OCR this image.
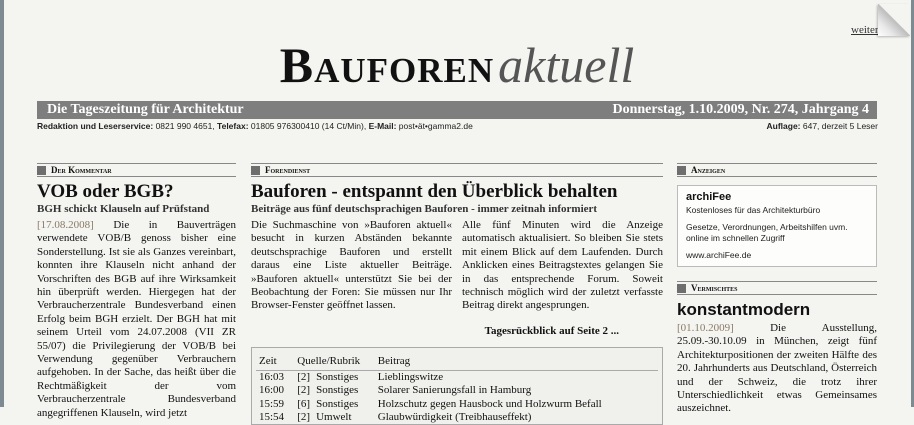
weiter
Bauforen aktuell
Die Tageszeitung für Architektur	Donnerstag, 1.10.2009, Nr. 274, Jahrgang 4
Redaktion und Leserservice: 0821 990 4651, Telefax: 01805 976300410 (14 Ct/Min), E-Mail: post•ät•gamma2.de	Auflage: 647, derzeit 5 Leser
Der Kommentar
VOB oder BGB?
BGH schickt Klauseln auf Prüfstand

[17.08.2008] Die in Bauverträgen verwendete VOB/B genoss bisher eine Sonderstellung. Ist sie als Ganzes vereinbart, konnten ihre Klauseln nicht anhand der Vorschriften des BGB auf ihre Wirksamkeit hin überprüft werden. Hiergegen hat der Verbraucherzentrale Bundesverband einen Erfolg beim BGH erzielt. Der BGH hat mit seinem Urteil vom 24.07.2008 (VII ZR 55/07) die Privilegierung der VOB/B bei Verwendung gegenüber Verbrauchern aufgehoben. In der Sache, das heißt über die Rechtmäßigkeit der vom Verbraucherzentrale Bundesverband angegriffenen Klauseln, wird jetzt

Forendienst
Bauforen - entspannt den Überblick behalten
Beiträge aus fünf deutschsprachigen Bauforen - immer zeitnah informiert

Die Suchmaschine von »Bauforen aktuell« besucht in kurzen Abständen bekannte deutschsprachige Bauforen und erstellt daraus eine Liste aktueller Beiträge. »Bauforen aktuell« unterstützt Sie bei der Beobachtung der Foren: Sie müssen nur Ihr Browser-Fenster geöffnet lassen.

Alle fünf Minuten wird die Anzeige automatisch aktualisiert. So bleiben Sie stets mit einem Blick auf dem Laufenden. Durch Anklicken eines Beitragstextes gelangen Sie in das entsprechende Forum. Soweit technisch möglich wird der zuletzt verfasste Beitrag direkt angesprungen.

Tagesrückblick auf Seite 2 ...
Zeit	Quelle/Rubrik		Beitrag
16:03	[2]	Sonstiges	Lieblingswitze
16:00	[2]	Sonstiges	Solarer Sanierungsfall in Hamburg
15:59	[6]	Sonstiges	Holzschutz gegen Hausbock und Holzwurm Befall
15:54	[2]	Umwelt	Glaubwürdigkeit (Treibhauseffekt)
Anzeigen
archiFee
Kostenloses für das Architekturbüro
Gesetze, Verordnungen, Arbeitshilfen uvm. online im schnellen Zugriff
www.archiFee.de
Vermischtes
konstantmodern

[01.10.2009] Die Ausstellung, 25.09.-30.10.09 in München, zeigt fünf Architekturpositionen der zweiten Hälfte des 20. Jahrhunderts aus Deutschland, Österreich und der Schweiz, die trotz ihrer Unterschiedlichkeit etwas Gemeinsames auszeichnet.
